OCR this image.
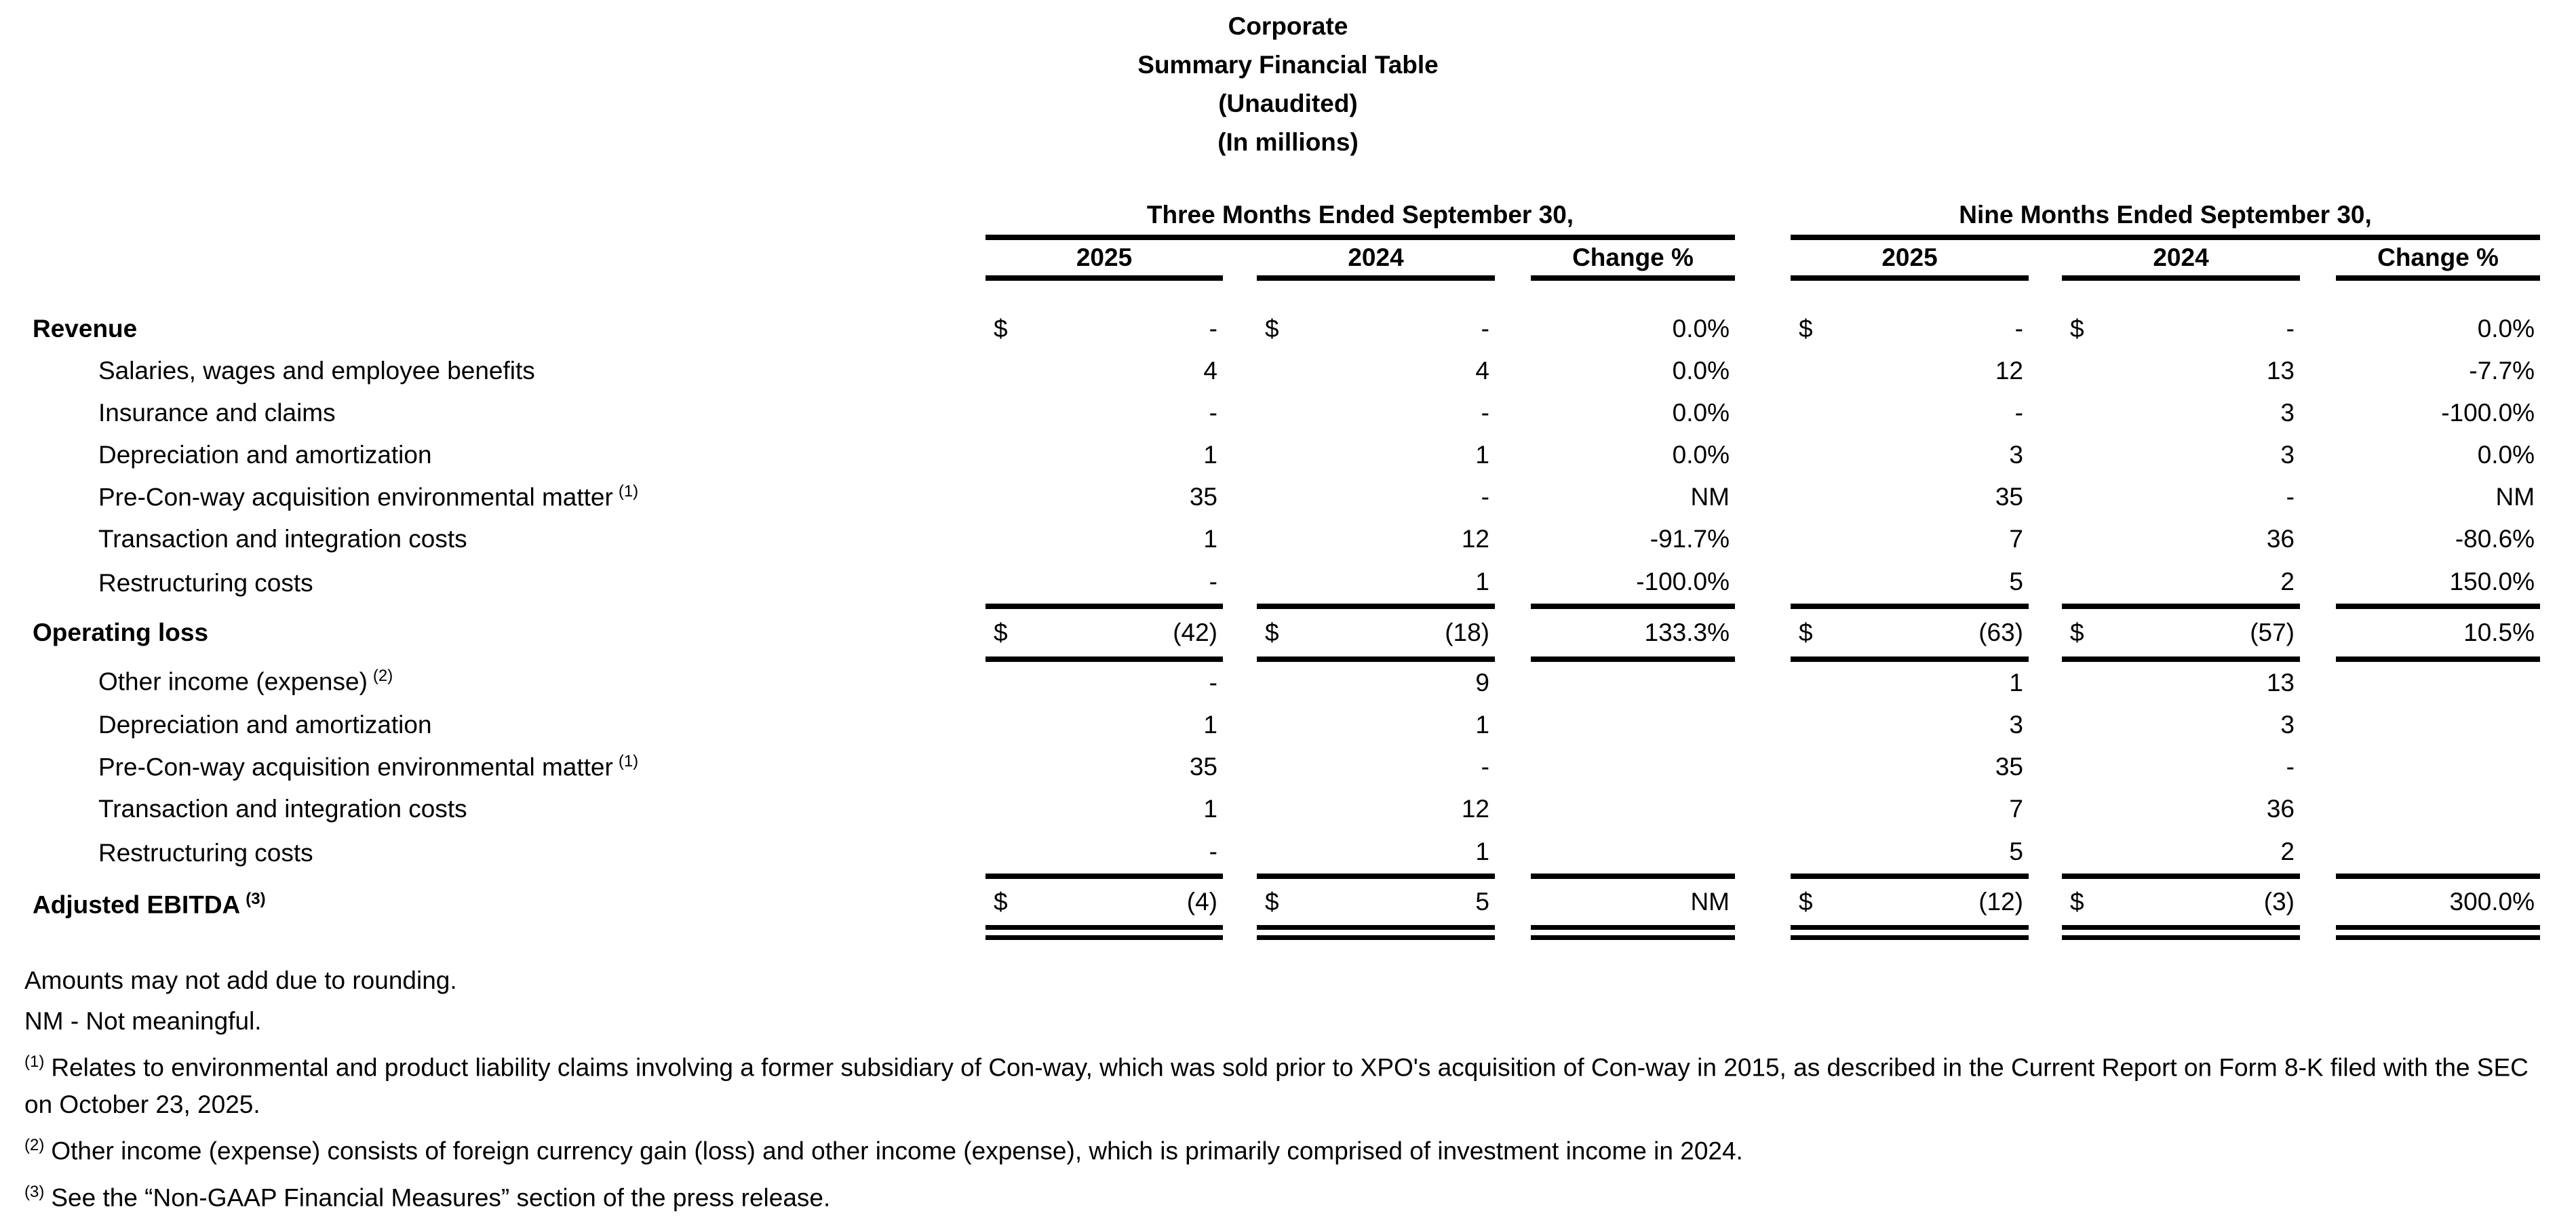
Corporate
Summary Financial Table
(Unaudited)
(In millions)
	Three Months Ended September 30,						Nine Months Ended September 30,				
	2025		2024		Change %		2025		2024		Change %

Revenue	$ -		$ -		0.0%		$ -		$ -		0.0%

Salaries, wages and employee benefits	4		4		0.0%		12		13		-7.7%

Insurance and claims	-		-		0.0%		-		3		-100.0%

Depreciation and amortization	1		1		0.0%		3		3		0.0%

Pre-Con-way acquisition environmental matter $^{(1)}$	35		-		NM		35		-		NM

Transaction and integration costs	1		12		-91.7%		7		36		-80.6%

Restructuring costs	-		1		-100.0%		5		2		150.0%

Operating loss	$ (42)		$ (18)		133.3%		$ (63)		$ (57)		10.5%

Other income (expense) $^{(2)}$	-		9				1		13		

Depreciation and amortization	1		1				3		3		

Pre-Con-way acquisition environmental matter $^{(1)}$	35		-				35		-		

Transaction and integration costs	1		12				7		36		

Restructuring costs	-		1				5		2		

Adjusted EBITDA $^{(3)}$	$ (4)		$ 5		NM		$ (12)		$ (3)		300.0%

Amounts may not add due to rounding.

NM - Not meaningful.

$^{(1)}$ Relates to environmental and product liability claims involving a former subsidiary of Con-way, which was sold prior to XPO's acquisition of Con-way in 2015, as described in the Current Report on Form 8-K filed with the SEC on October 23, 2025.

$^{(2)}$ Other income (expense) consists of foreign currency gain (loss) and other income (expense), which is primarily comprised of investment income in 2024.

$^{(3)}$ See the “Non-GAAP Financial Measures” section of the press release.
